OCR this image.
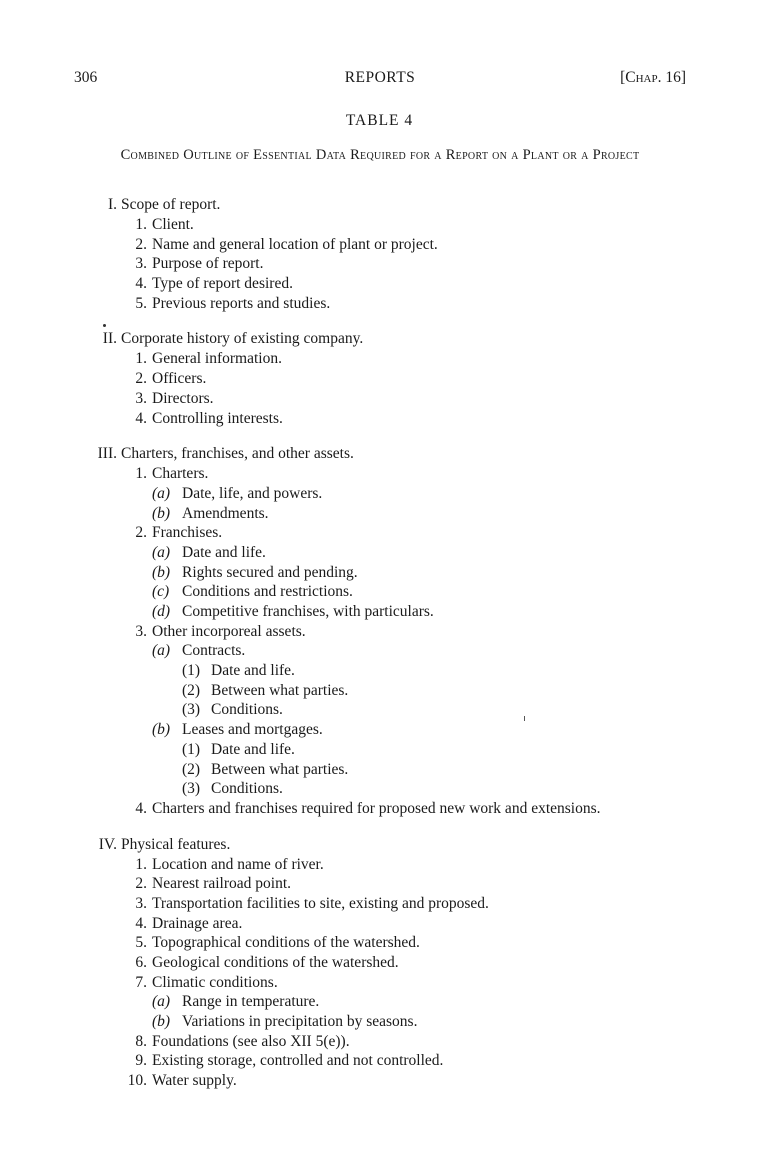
306	REPORTS	[Chap. 16]
TABLE 4
Combined Outline of Essential Data Required for a Report on a Plant or a Project
I. Scope of report.
1. Client.
2. Name and general location of plant or project.
3. Purpose of report.
4. Type of report desired.
5. Previous reports and studies.
II. Corporate history of existing company.
1. General information.
2. Officers.
3. Directors.
4. Controlling interests.
III. Charters, franchises, and other assets.
1. Charters.
(a) Date, life, and powers.
(b) Amendments.
2. Franchises.
(a) Date and life.
(b) Rights secured and pending.
(c) Conditions and restrictions.
(d) Competitive franchises, with particulars.
3. Other incorporeal assets.
(a) Contracts.
(1) Date and life.
(2) Between what parties.
(3) Conditions.
(b) Leases and mortgages.
(1) Date and life.
(2) Between what parties.
(3) Conditions.
4. Charters and franchises required for proposed new work and extensions.
IV. Physical features.
1. Location and name of river.
2. Nearest railroad point.
3. Transportation facilities to site, existing and proposed.
4. Drainage area.
5. Topographical conditions of the watershed.
6. Geological conditions of the watershed.
7. Climatic conditions.
(a) Range in temperature.
(b) Variations in precipitation by seasons.
8. Foundations (see also XII 5(e)).
9. Existing storage, controlled and not controlled.
10. Water supply.
